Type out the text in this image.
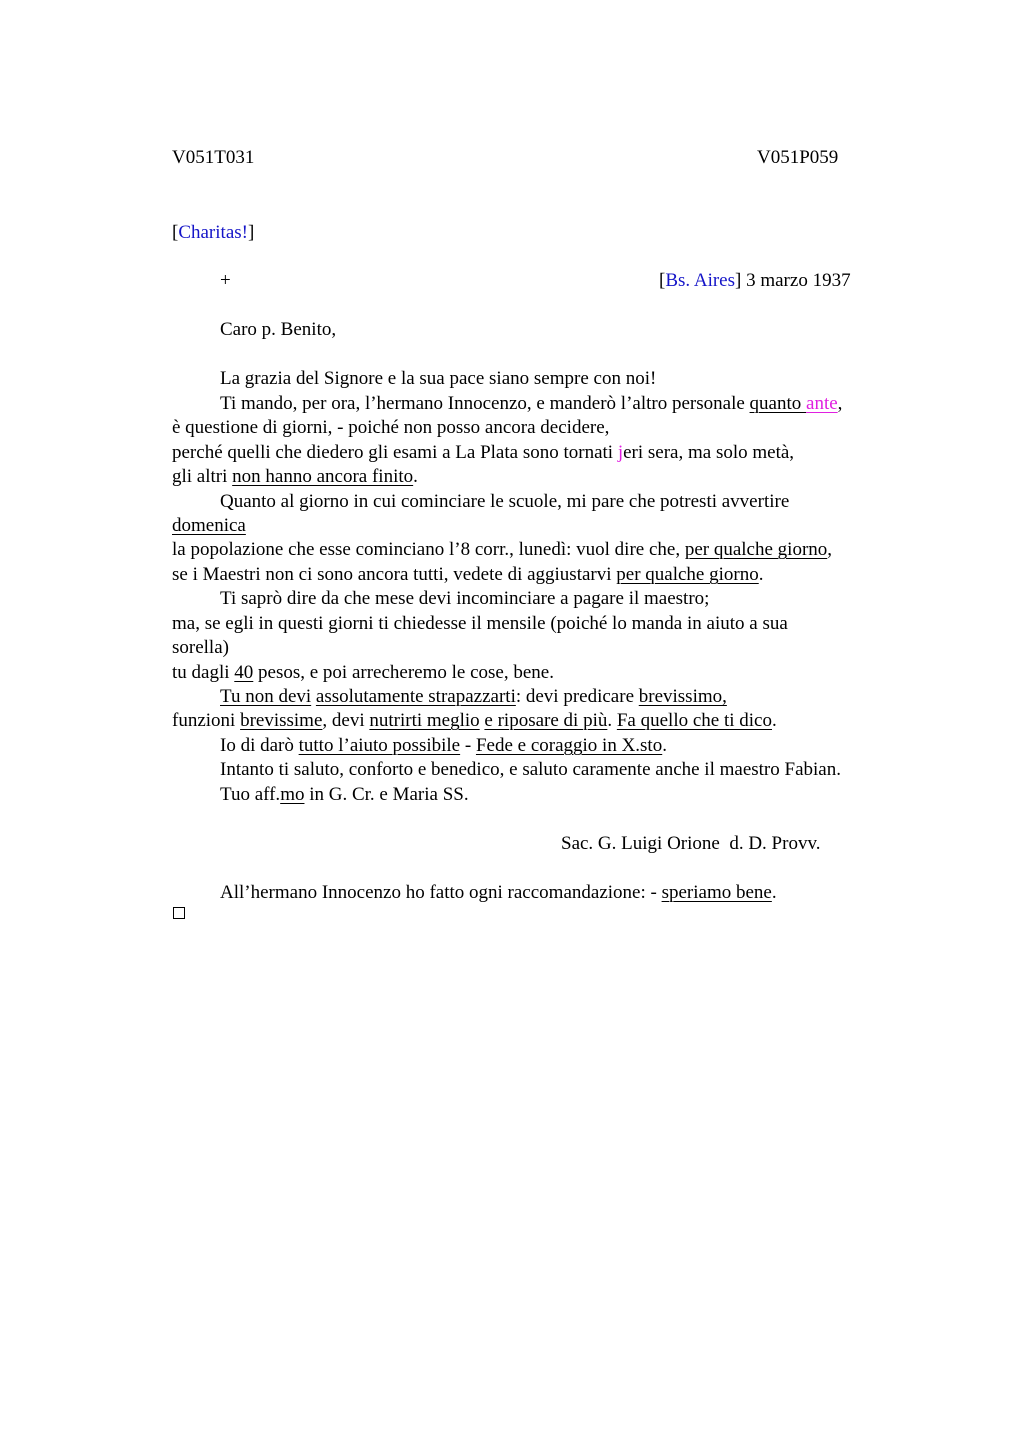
V051T031	V051P059
[Charitas!]
+	[Bs. Aires] 3 marzo 1937
Caro p. Benito,
La grazia del Signore e la sua pace siano sempre con noi!
Ti mando, per ora, l’hermano Innocenzo, e manderò l’altro personale quanto ante,
è questione di giorni, - poiché non posso ancora decidere,
perché quelli che diedero gli esami a La Plata sono tornati jeri sera, ma solo metà,
gli altri non hanno ancora finito.
Quanto al giorno in cui cominciare le scuole, mi pare che potresti avvertire
domenica
la popolazione che esse cominciano l’8 corr., lunedì: vuol dire che, per qualche giorno,
se i Maestri non ci sono ancora tutti, vedete di aggiustarvi per qualche giorno.
Ti saprò dire da che mese devi incominciare a pagare il maestro;
ma, se egli in questi giorni ti chiedesse il mensile (poiché lo manda in aiuto a sua
sorella)
tu dagli 40 pesos, e poi arrecheremo le cose, bene.
Tu non devi assolutamente strapazzarti: devi predicare brevissimo,
funzioni brevissime, devi nutrirti meglio e riposare di più. Fa quello che ti dico.
Io di darò tutto l’aiuto possibile - Fede e coraggio in X.sto.
Intanto ti saluto, conforto e benedico, e saluto caramente anche il maestro Fabian.
Tuo aff.mo in G. Cr. e Maria SS.
Sac. G. Luigi Orione  d. D. Provv.
All’hermano Innocenzo ho fatto ogni raccomandazione: - speriamo bene.
